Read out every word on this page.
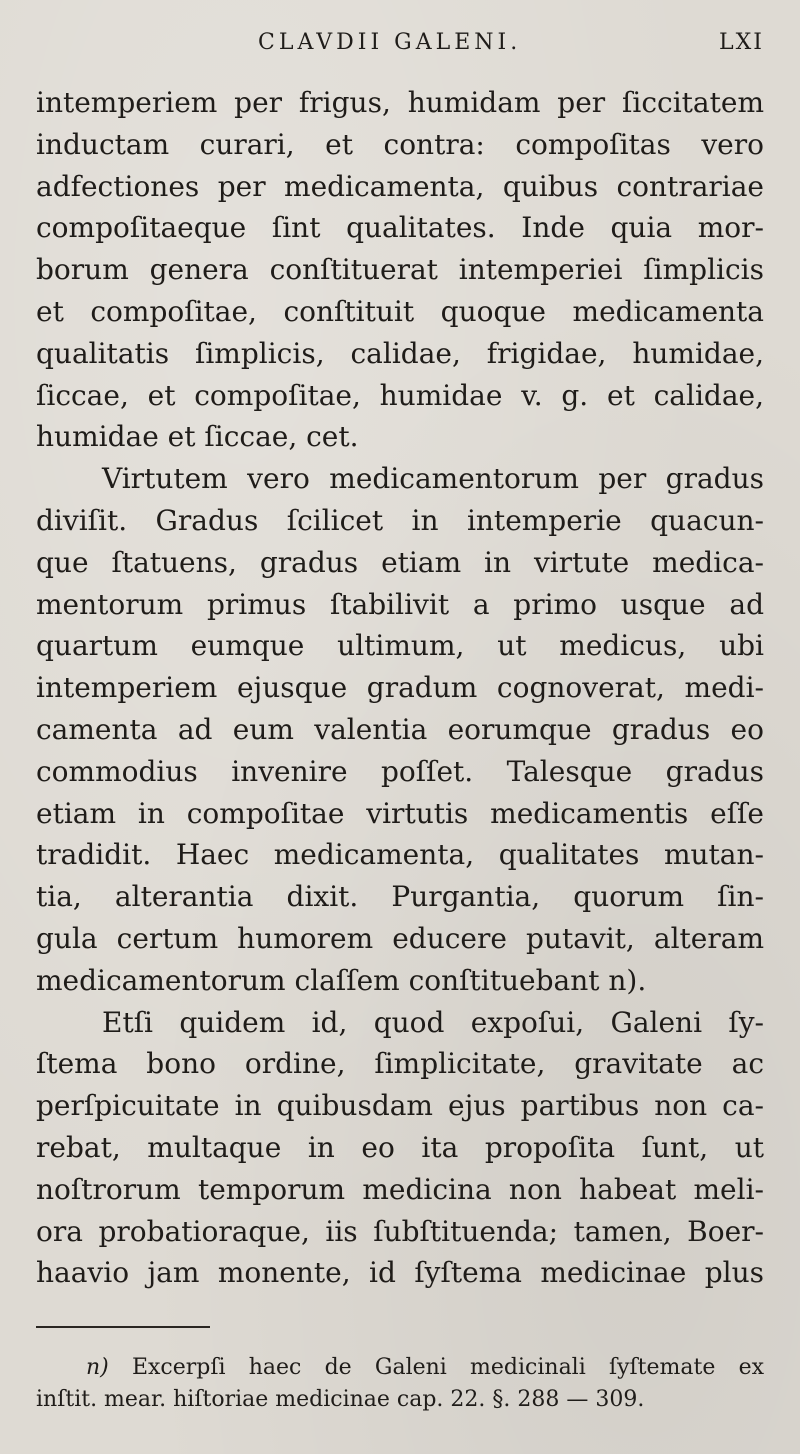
CLAVDII GALENI.	LXI
intemperiem per frigus, humidam per ſiccitatem
inductam curari, et contra: compoſitas vero
adfectiones per medicamenta, quibus contrariae
compoſitaeque ſint qualitates. Inde quia mor-
borum genera conſtituerat intemperiei ſimplicis
et compoſitae, conſtituit quoque medicamenta
qualitatis ſimplicis, calidae, frigidae, humidae,
ſiccae, et compoſitae, humidae v. g. et calidae,
humidae et ſiccae, cet.
Virtutem vero medicamentorum per gradus
diviſit. Gradus ſcilicet in intemperie quacun-
que ſtatuens, gradus etiam in virtute medica-
mentorum primus ſtabilivit a primo usque ad
quartum eumque ultimum, ut medicus, ubi
intemperiem ejusque gradum cognoverat, medi-
camenta ad eum valentia eorumque gradus eo
commodius invenire poſſet. Talesque gradus
etiam in compoſitae virtutis medicamentis eſſe
tradidit. Haec medicamenta, qualitates mutan-
tia, alterantia dixit. Purgantia, quorum ſin-
gula certum humorem educere putavit, alteram
medicamentorum claſſem conſtituebant n).
Etſi quidem id, quod expoſui, Galeni ſy-
ſtema bono ordine, ſimplicitate, gravitate ac
perſpicuitate in quibusdam ejus partibus non ca-
rebat, multaque in eo ita propoſita ſunt, ut
noſtrorum temporum medicina non habeat meli-
ora probatioraque, iis ſubſtituenda; tamen, Boer-
haavio jam monente, id ſyſtema medicinae plus
n) Excerpſi haec de Galeni medicinali ſyſtemate ex
inſtit. mear. hiſtoriae medicinae cap. 22. §. 288 — 309.
